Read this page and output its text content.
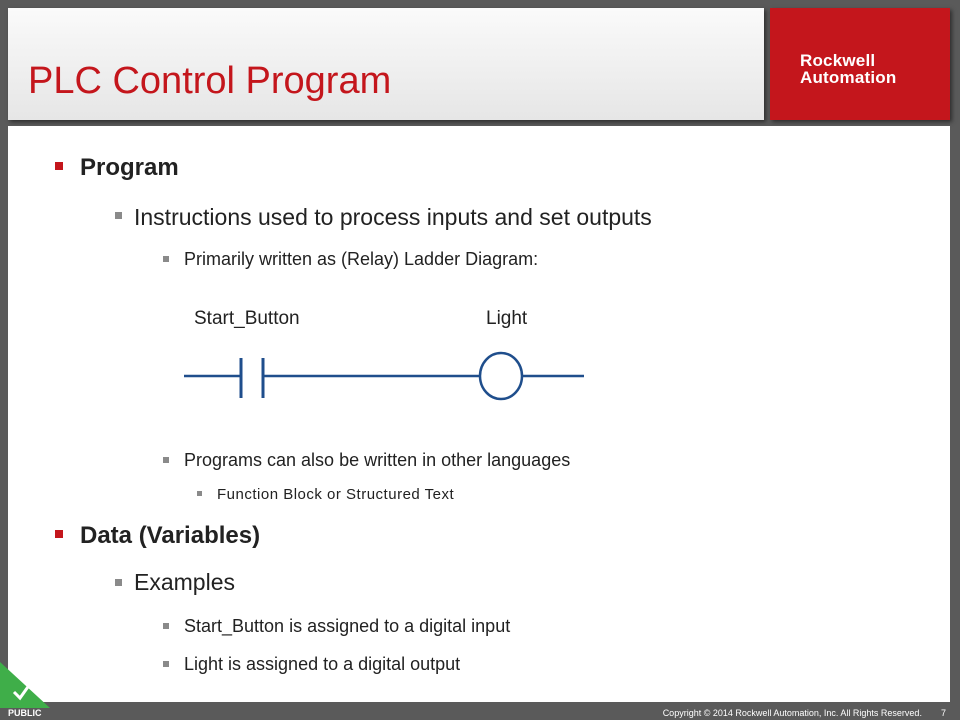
PLC Control Program	Rockwell
Automation
Program
Instructions used to process inputs and set outputs
Primarily written as (Relay) Ladder Diagram:
Start_Button	Light
Programs can also be written in other languages
Function Block or Structured Text
Data (Variables)
Examples
Start_Button is assigned to a digital input
Light is assigned to a digital output
PUBLIC	Copyright © 2014 Rockwell Automation, Inc. All Rights Reserved. 7
